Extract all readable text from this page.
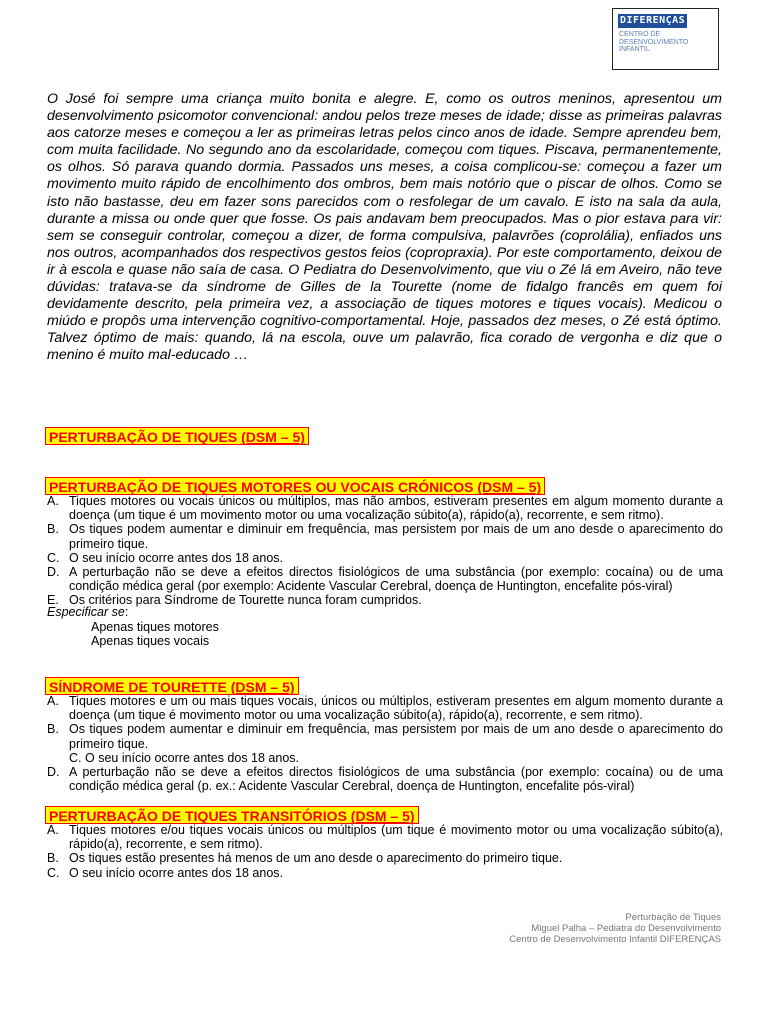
DIFERENÇAS
CENTRO DE
DESENVOLVIMENTO
INFANTIL

O José foi sempre uma criança muito bonita e alegre. E, como os outros meninos, apresentou um desenvolvimento psicomotor convencional: andou pelos treze meses de idade; disse as primeiras palavras aos catorze meses e começou a ler as primeiras letras pelos cinco anos de idade. Sempre aprendeu bem, com muita facilidade. No segundo ano da escolaridade, começou com tiques. Piscava, permanentemente, os olhos. Só parava quando dormia. Passados uns meses, a coisa complicou-se: começou a fazer um movimento muito rápido de encolhimento dos ombros, bem mais notório que o piscar de olhos. Como se isto não bastasse, deu em fazer sons parecidos com o resfolegar de um cavalo. E isto na sala da aula, durante a missa ou onde quer que fosse. Os pais andavam bem preocupados. Mas o pior estava para vir: sem se conseguir controlar, começou a dizer, de forma compulsiva, palavrões (coprolália), enfiados uns nos outros, acompanhados dos respectivos gestos feios (copropraxia). Por este comportamento, deixou de ir à escola e quase não saía de casa. O Pediatra do Desenvolvimento, que viu o Zé lá em Aveiro, não teve dúvidas: tratava-se da síndrome de Gilles de la Tourette (nome de fidalgo francês em quem foi devidamente descrito, pela primeira vez, a associação de tiques motores e tiques vocais). Medicou o miúdo e propôs uma intervenção cognitivo-comportamental. Hoje, passados dez meses, o Zé está óptimo. Talvez óptimo de mais: quando, lá na escola, ouve um palavrão, fica corado de vergonha e diz que o menino é muito mal-educado …

PERTURBAÇÃO DE TIQUES (DSM – 5)
PERTURBAÇÃO DE TIQUES MOTORES OU VOCAIS CRÓNICOS (DSM – 5)
A. Tiques motores ou vocais únicos ou múltiplos, mas não ambos, estiveram presentes em algum momento durante a doença (um tique é um movimento motor ou uma vocalização súbito(a), rápido(a), recorrente, e sem ritmo).
B. Os tiques podem aumentar e diminuir em frequência, mas persistem por mais de um ano desde o aparecimento do primeiro tique.
C. O seu início ocorre antes dos 18 anos.
D. A perturbação não se deve a efeitos directos fisiológicos de uma substância (por exemplo: cocaína) ou de uma condição médica geral (por exemplo: Acidente Vascular Cerebral, doença de Huntington, encefalite pós-viral)
E. Os critérios para Síndrome de Tourette nunca foram cumpridos.
Especificar se:
Apenas tiques motores
Apenas tiques vocais
SÍNDROME DE TOURETTE (DSM – 5)
A. Tiques motores e um ou mais tiques vocais, únicos ou múltiplos, estiveram presentes em algum momento durante a doença (um tique é movimento motor ou uma vocalização súbito(a), rápido(a), recorrente, e sem ritmo).
B. Os tiques podem aumentar e diminuir em frequência, mas persistem por mais de um ano desde o aparecimento do primeiro tique.
C. O seu início ocorre antes dos 18 anos.
D. A perturbação não se deve a efeitos directos fisiológicos de uma substância (por exemplo: cocaína) ou de uma condição médica geral (p. ex.: Acidente Vascular Cerebral, doença de Huntington, encefalite pós-viral)
PERTURBAÇÃO DE TIQUES TRANSITÓRIOS (DSM – 5)
A. Tiques motores e/ou tiques vocais únicos ou múltiplos (um tique é movimento motor ou uma vocalização súbito(a), rápido(a), recorrente, e sem ritmo).
B. Os tiques estão presentes há menos de um ano desde o aparecimento do primeiro tique.
C. O seu início ocorre antes dos 18 anos.
Perturbação de Tiques
Miguel Palha – Pediatra do Desenvolvimento
Centro de Desenvolvimento Infantil DIFERENÇAS
